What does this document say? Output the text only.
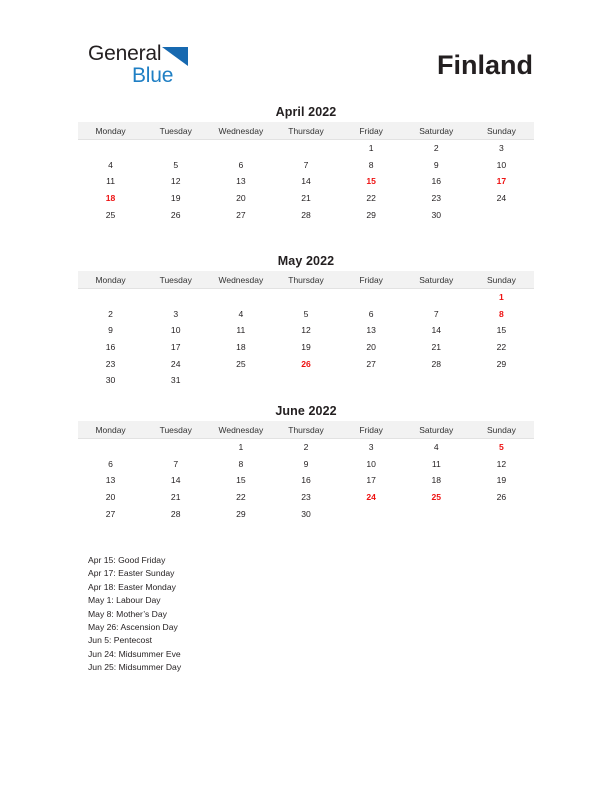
General
Blue	Finland
April 2022
Monday	Tuesday	Wednesday	Thursday	Friday	Saturday	Sunday
				1	2	3
4	5	6	7	8	9	10
11	12	13	14	15	16	17
18	19	20	21	22	23	24
25	26	27	28	29	30	
May 2022
Monday	Tuesday	Wednesday	Thursday	Friday	Saturday	Sunday
						1
2	3	4	5	6	7	8
9	10	11	12	13	14	15
16	17	18	19	20	21	22
23	24	25	26	27	28	29
30	31					
June 2022
Monday	Tuesday	Wednesday	Thursday	Friday	Saturday	Sunday
		1	2	3	4	5
6	7	8	9	10	11	12
13	14	15	16	17	18	19
20	21	22	23	24	25	26
27	28	29	30			
Apr 15: Good Friday
Apr 17: Easter Sunday
Apr 18: Easter Monday
May 1: Labour Day
May 8: Mother’s Day
May 26: Ascension Day
Jun 5: Pentecost
Jun 24: Midsummer Eve
Jun 25: Midsummer Day
